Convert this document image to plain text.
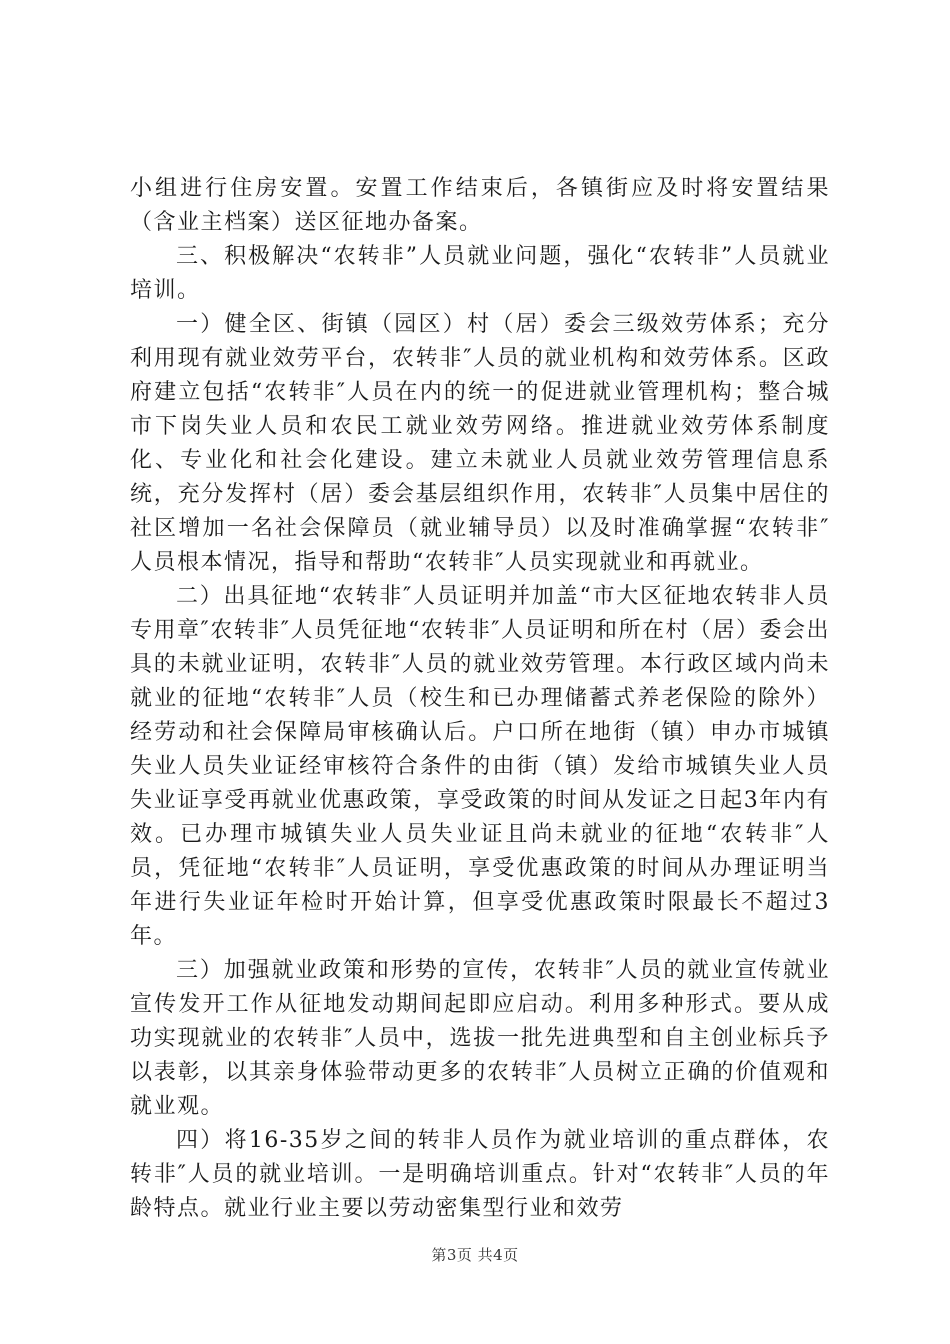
小组进行住房安置。安置工作结束后，各镇街应及时将安置结果（含业主档案）送区征地办备案。

三、积极解决“农转非”人员就业问题，强化“农转非”人员就业培训。

一）健全区、街镇（园区）村（居）委会三级效劳体系；充分利用现有就业效劳平台，农转非″人员的就业机构和效劳体系。区政府建立包括“农转非″人员在内的统一的促进就业管理机构；整合城市下岗失业人员和农民工就业效劳网络。推进就业效劳体系制度化、专业化和社会化建设。建立未就业人员就业效劳管理信息系统，充分发挥村（居）委会基层组织作用，农转非″人员集中居住的社区增加一名社会保障员（就业辅导员）以及时准确掌握“农转非″人员根本情况，指导和帮助“农转非″人员实现就业和再就业。

二）出具征地“农转非″人员证明并加盖“市大区征地农转非人员专用章″农转非″人员凭征地“农转非″人员证明和所在村（居）委会出具的未就业证明，农转非″人员的就业效劳管理。本行政区域内尚未就业的征地“农转非″人员（校生和已办理储蓄式养老保险的除外）经劳动和社会保障局审核确认后。户口所在地街（镇）申办市城镇失业人员失业证经审核符合条件的由街（镇）发给市城镇失业人员失业证享受再就业优惠政策，享受政策的时间从发证之日起3年内有效。已办理市城镇失业人员失业证且尚未就业的征地“农转非″人员，凭征地“农转非″人员证明，享受优惠政策的时间从办理证明当年进行失业证年检时开始计算，但享受优惠政策时限最长不超过3年。

三）加强就业政策和形势的宣传，农转非″人员的就业宣传就业宣传发开工作从征地发动期间起即应启动。利用多种形式。要从成功实现就业的农转非″人员中，选拔一批先进典型和自主创业标兵予以表彰，以其亲身体验带动更多的农转非″人员树立正确的价值观和就业观。

四）将16-35岁之间的转非人员作为就业培训的重点群体，农转非″人员的就业培训。一是明确培训重点。针对“农转非″人员的年龄特点。就业行业主要以劳动密集型行业和效劳

第3页 共4页
